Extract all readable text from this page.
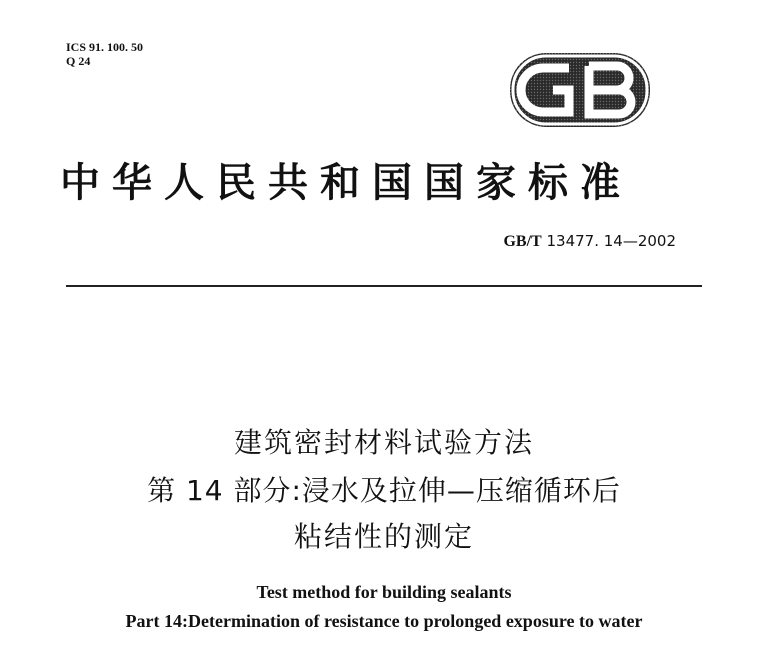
ICS 91. 100. 50
Q 24
中华人民共和国国家标准
GB/T 13477. 14—2002
建筑密封材料试验方法
第 14 部分:浸水及拉伸—压缩循环后
粘结性的测定
Test method for building sealants
Part 14:Determination of resistance to prolonged exposure to water
